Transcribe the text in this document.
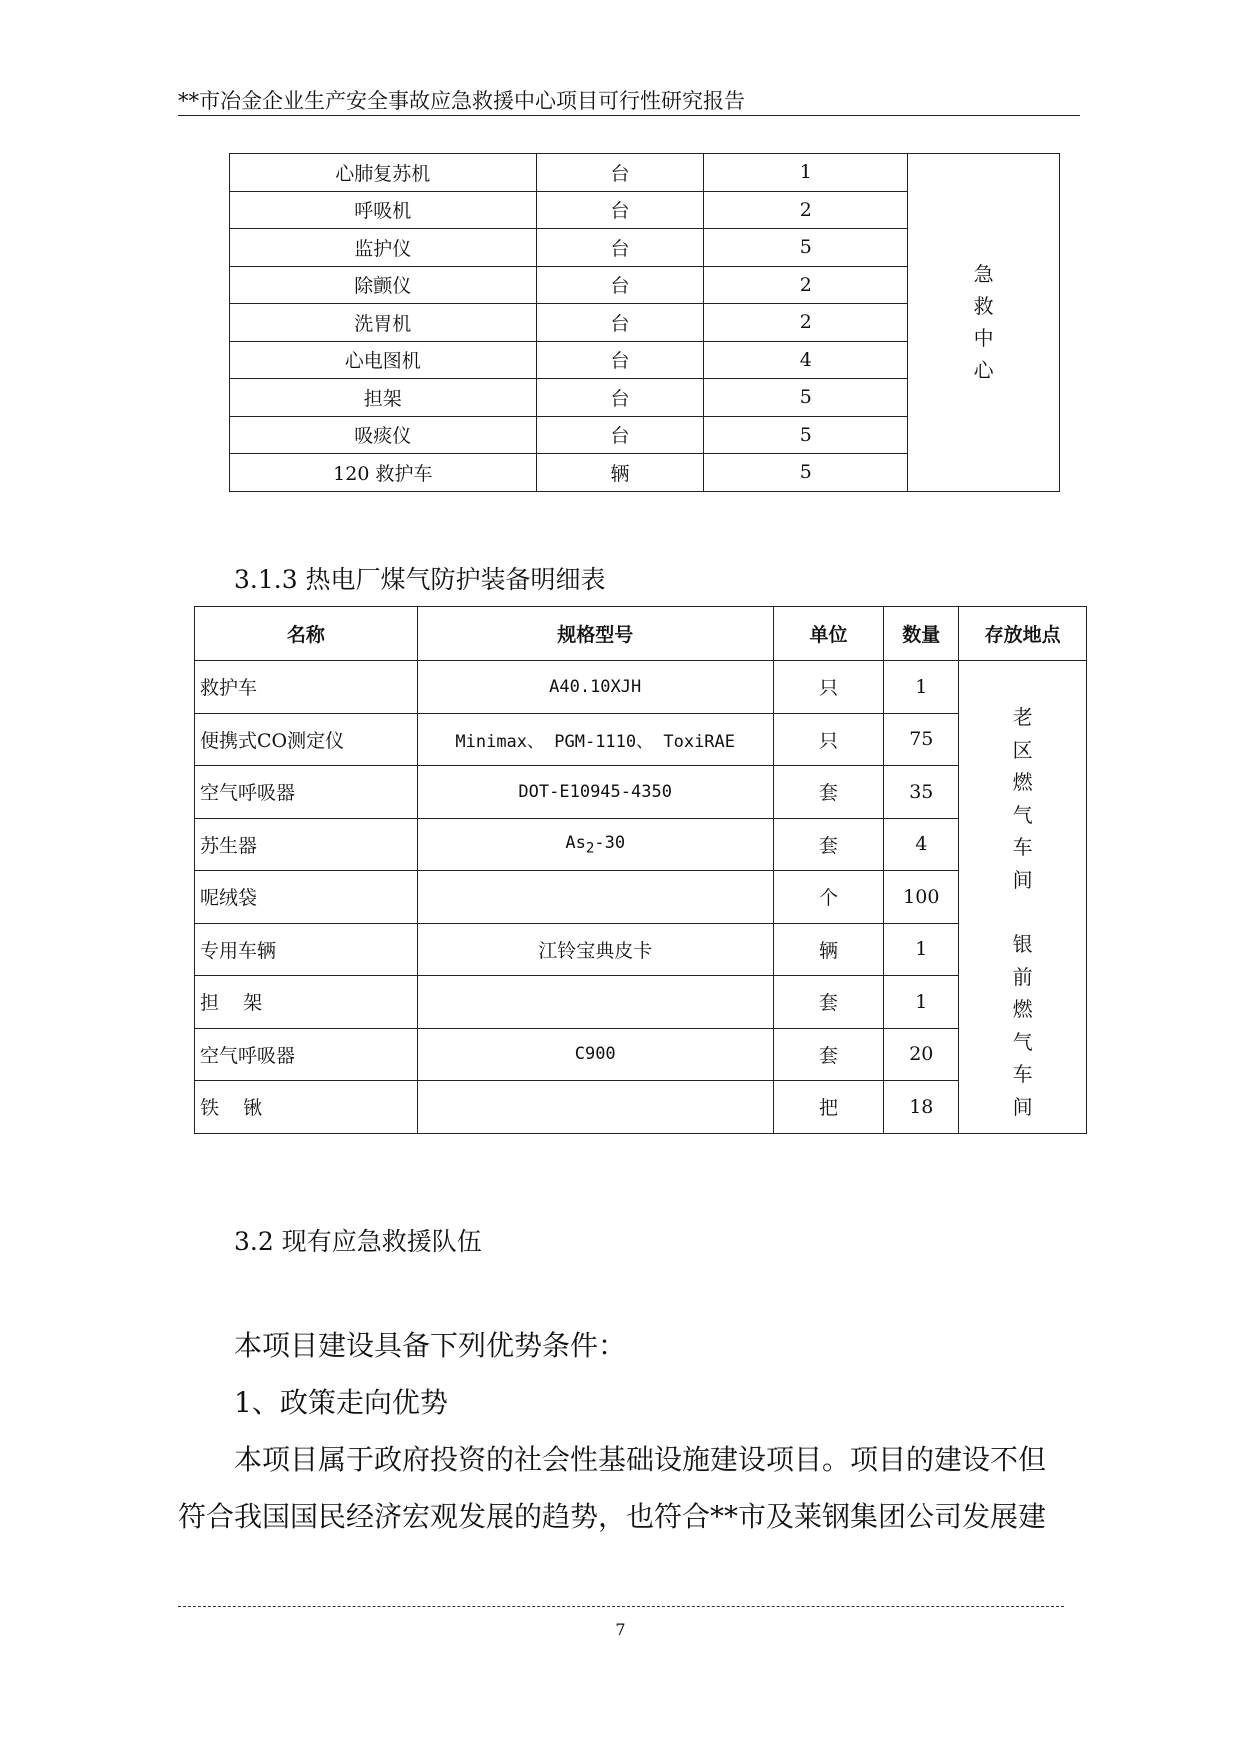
**市冶金企业生产安全事故应急救援中心项目可行性研究报告
心肺复苏机	台	1	急救中心
呼吸机	台	2	
监护仪	台	5	
除颤仪	台	2	
洗胃机	台	2	
心电图机	台	4	
担架	台	5	
吸痰仪	台	5	
120 救护车	辆	5	
3.1.3 热电厂煤气防护装备明细表
名称	规格型号	单位	数量	存放地点
救护车	A40.10XJH	只	1	老区燃气车间
银前燃气车间
便携式CO测定仪	Minimax、 PGM-1110、 ToxiRAE	只	75	
空气呼吸器	DOT-E10945-4350	套	35	
苏生器	$As_2-30$	套	4	
呢绒袋		个	100	
专用车辆	江铃宝典皮卡	辆	1	
担    架		套	1	
空气呼吸器	C900	套	20	
铁    锹		把	18	
3.2 现有应急救援队伍
本项目建设具备下列优势条件：
1、政策走向优势
本项目属于政府投资的社会性基础设施建设项目。项目的建设不但
符合我国国民经济宏观发展的趋势，也符合**市及莱钢集团公司发展建
7
